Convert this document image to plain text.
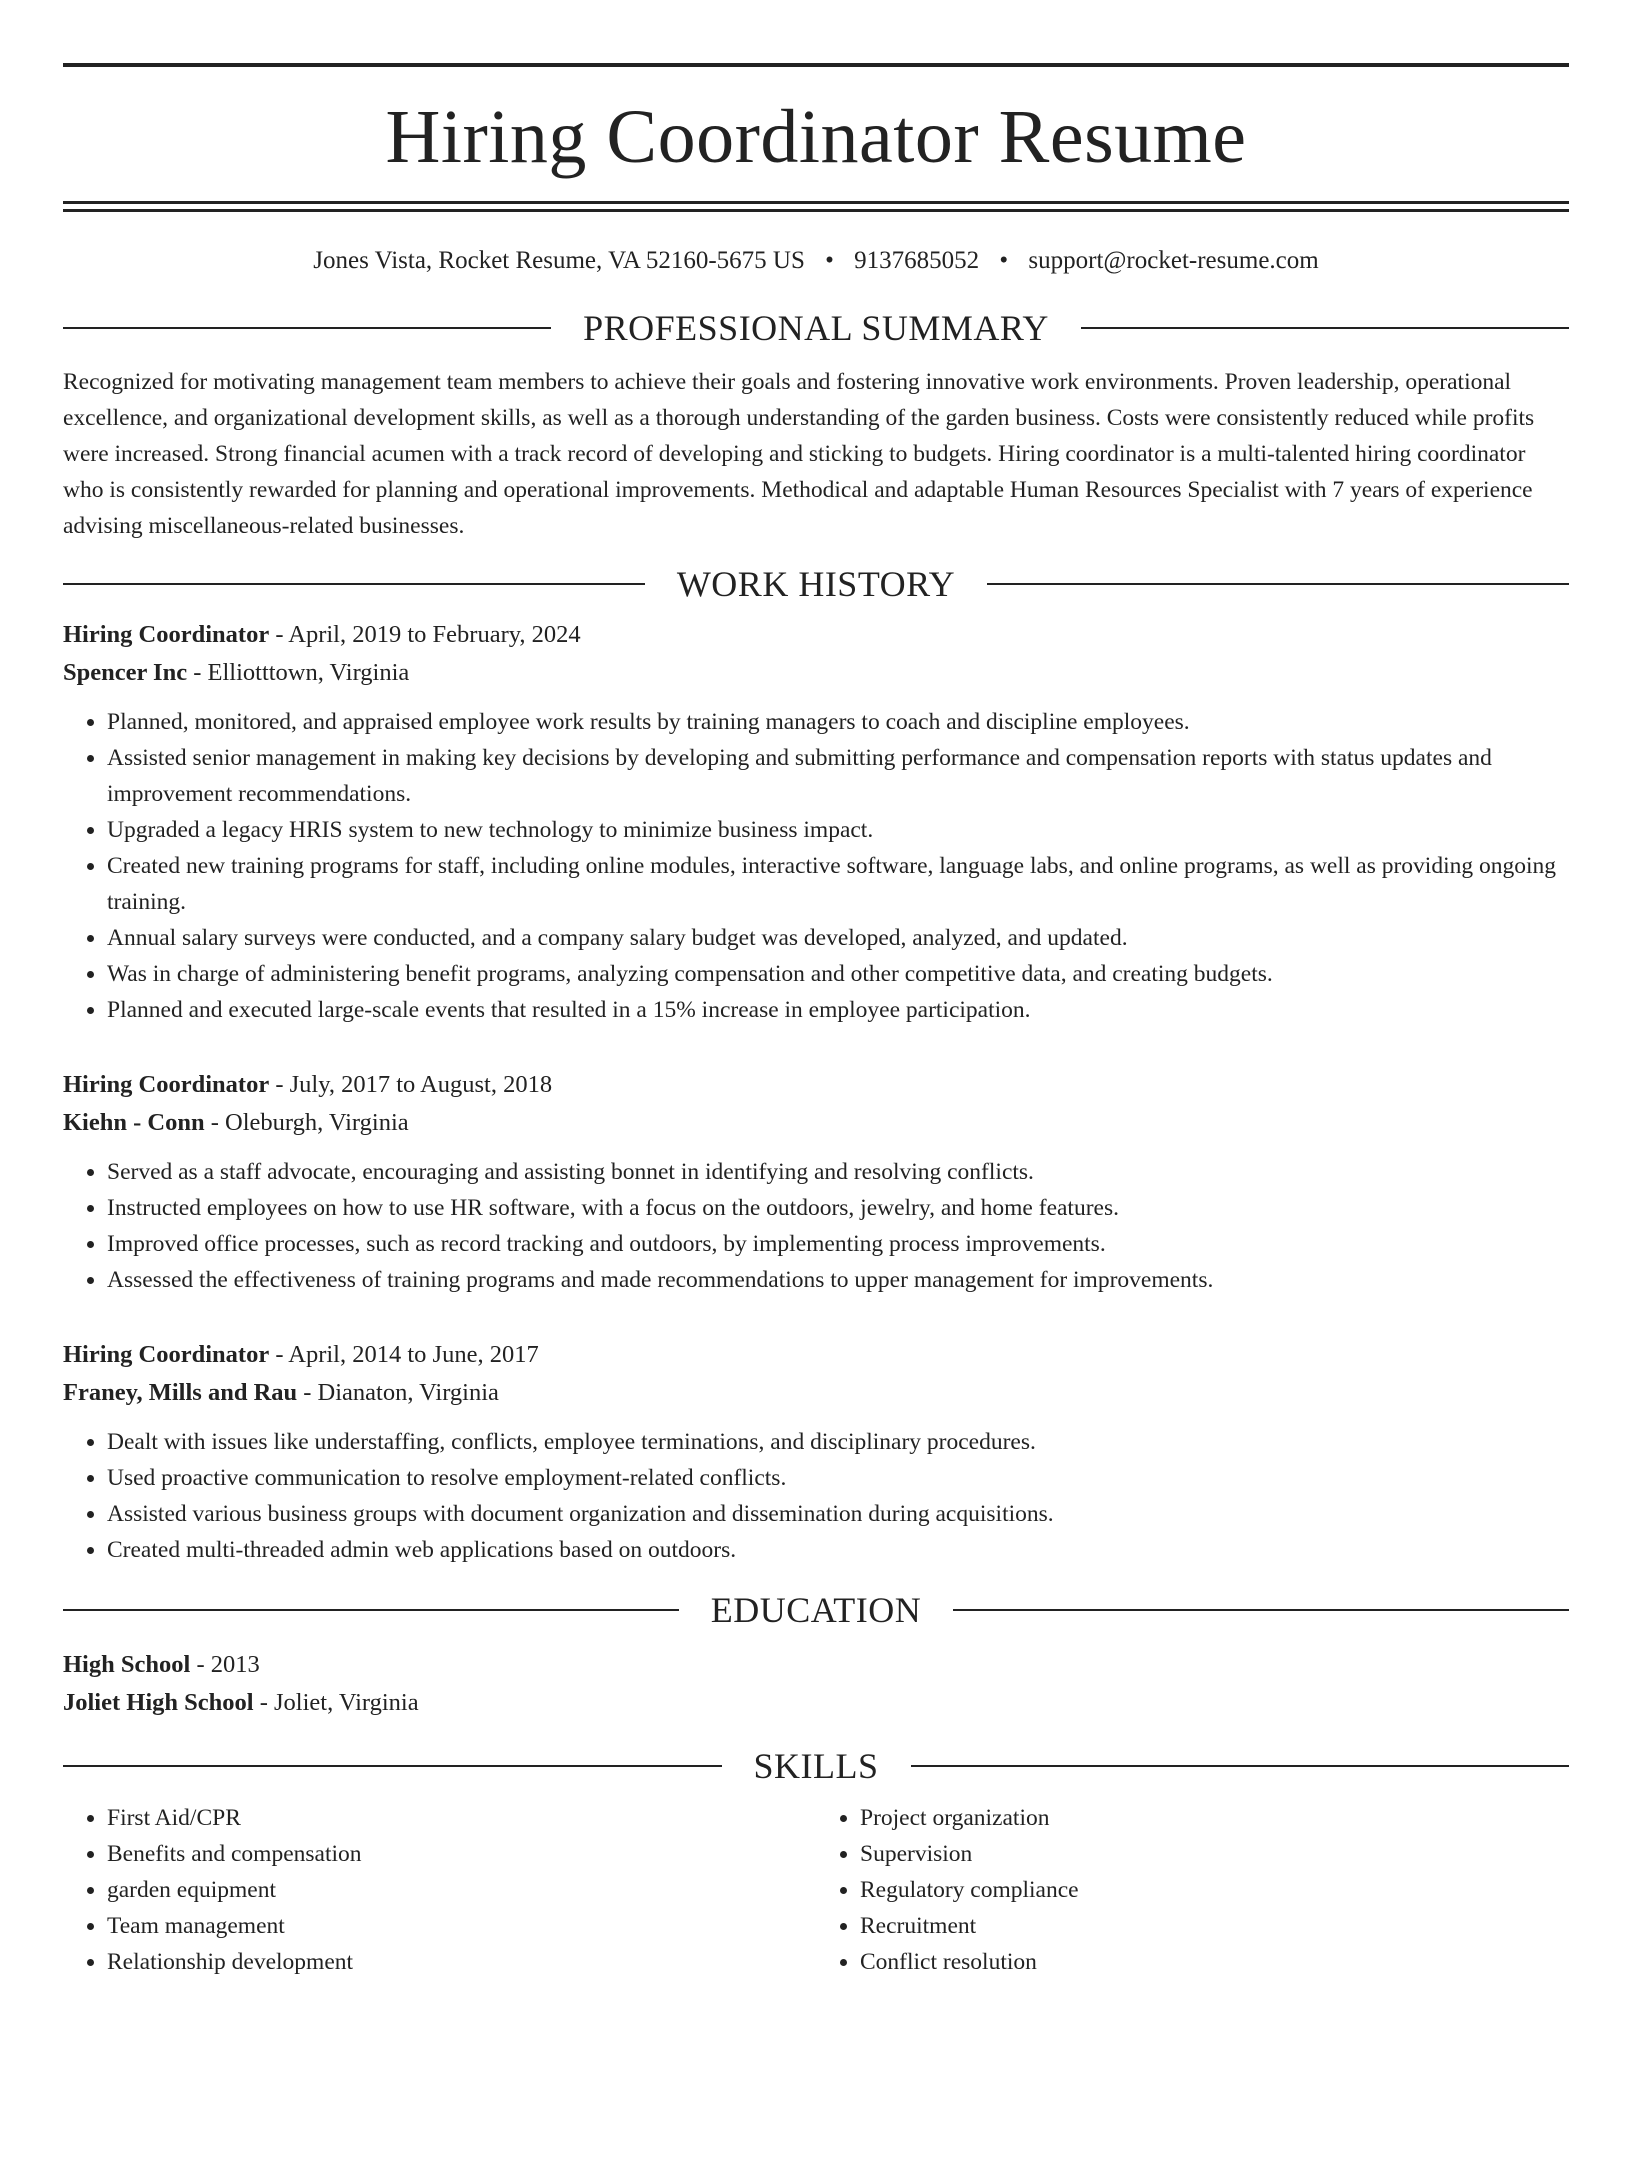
Hiring Coordinator Resume
Jones Vista, Rocket Resume, VA 52160-5675 US • 9137685052 • support@rocket-resume.com
PROFESSIONAL SUMMARY

Recognized for motivating management team members to achieve their goals and fostering innovative work environments. Proven leadership, operational excellence, and organizational development skills, as well as a thorough understanding of the garden business. Costs were consistently reduced while profits were increased. Strong financial acumen with a track record of developing and sticking to budgets. Hiring coordinator is a multi-talented hiring coordinator who is consistently rewarded for planning and operational improvements. Methodical and adaptable Human Resources Specialist with 7 years of experience advising miscellaneous-related businesses.

WORK HISTORY
Hiring Coordinator - April, 2019 to February, 2024
Spencer Inc - Elliotttown, Virginia
• Planned, monitored, and appraised employee work results by training managers to coach and discipline employees.
• Assisted senior management in making key decisions by developing and submitting performance and compensation reports with status updates and improvement recommendations.
• Upgraded a legacy HRIS system to new technology to minimize business impact.
• Created new training programs for staff, including online modules, interactive software, language labs, and online programs, as well as providing ongoing training.
• Annual salary surveys were conducted, and a company salary budget was developed, analyzed, and updated.
• Was in charge of administering benefit programs, analyzing compensation and other competitive data, and creating budgets.
• Planned and executed large-scale events that resulted in a 15% increase in employee participation.
Hiring Coordinator - July, 2017 to August, 2018
Kiehn - Conn - Oleburgh, Virginia
• Served as a staff advocate, encouraging and assisting bonnet in identifying and resolving conflicts.
• Instructed employees on how to use HR software, with a focus on the outdoors, jewelry, and home features.
• Improved office processes, such as record tracking and outdoors, by implementing process improvements.
• Assessed the effectiveness of training programs and made recommendations to upper management for improvements.
Hiring Coordinator - April, 2014 to June, 2017
Franey, Mills and Rau - Dianaton, Virginia
• Dealt with issues like understaffing, conflicts, employee terminations, and disciplinary procedures.
• Used proactive communication to resolve employment-related conflicts.
• Assisted various business groups with document organization and dissemination during acquisitions.
• Created multi-threaded admin web applications based on outdoors.
EDUCATION
High School - 2013
Joliet High School - Joliet, Virginia
SKILLS
• First Aid/CPR
• Benefits and compensation
• garden equipment
• Team management
• Relationship development
• Project organization
• Supervision
• Regulatory compliance
• Recruitment
• Conflict resolution
